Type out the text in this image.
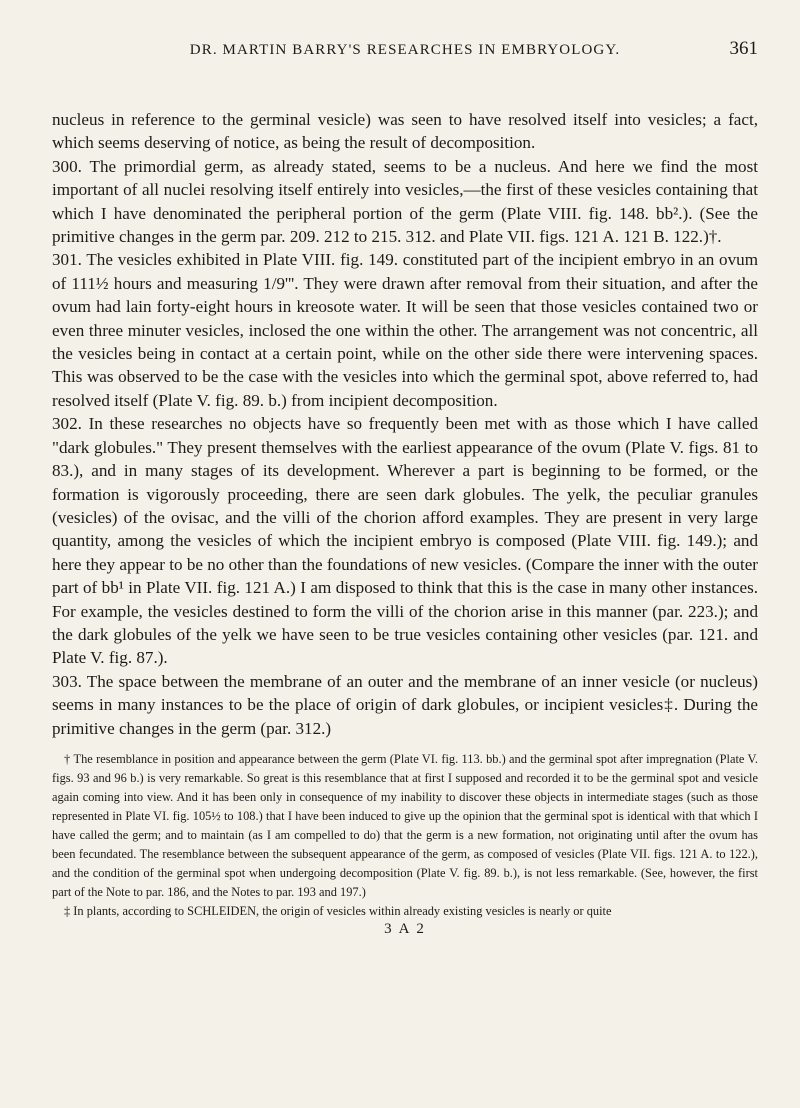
DR. MARTIN BARRY'S RESEARCHES IN EMBRYOLOGY.	361

nucleus in reference to the germinal vesicle) was seen to have resolved itself into vesicles; a fact, which seems deserving of notice, as being the result of decomposition.

300. The primordial germ, as already stated, seems to be a nucleus. And here we find the most important of all nuclei resolving itself entirely into vesicles,—the first of these vesicles containing that which I have denominated the peripheral portion of the germ (Plate VIII. fig. 148. bb².). (See the primitive changes in the germ par. 209. 212 to 215. 312. and Plate VII. figs. 121 A. 121 B. 122.)†.

301. The vesicles exhibited in Plate VIII. fig. 149. constituted part of the incipient embryo in an ovum of 111½ hours and measuring 1/9'''. They were drawn after removal from their situation, and after the ovum had lain forty-eight hours in kreosote water. It will be seen that those vesicles contained two or even three minuter vesicles, inclosed the one within the other. The arrangement was not concentric, all the vesicles being in contact at a certain point, while on the other side there were intervening spaces. This was observed to be the case with the vesicles into which the germinal spot, above referred to, had resolved itself (Plate V. fig. 89. b.) from incipient decomposition.

302. In these researches no objects have so frequently been met with as those which I have called "dark globules." They present themselves with the earliest appearance of the ovum (Plate V. figs. 81 to 83.), and in many stages of its development. Wherever a part is beginning to be formed, or the formation is vigorously proceeding, there are seen dark globules. The yelk, the peculiar granules (vesicles) of the ovisac, and the villi of the chorion afford examples. They are present in very large quantity, among the vesicles of which the incipient embryo is composed (Plate VIII. fig. 149.); and here they appear to be no other than the foundations of new vesicles. (Compare the inner with the outer part of bb¹ in Plate VII. fig. 121 A.) I am disposed to think that this is the case in many other instances. For example, the vesicles destined to form the villi of the chorion arise in this manner (par. 223.); and the dark globules of the yelk we have seen to be true vesicles containing other vesicles (par. 121. and Plate V. fig. 87.).

303. The space between the membrane of an outer and the membrane of an inner vesicle (or nucleus) seems in many instances to be the place of origin of dark globules, or incipient vesicles‡. During the primitive changes in the germ (par. 312.)

† The resemblance in position and appearance between the germ (Plate VI. fig. 113. bb.) and the germinal spot after impregnation (Plate V. figs. 93 and 96 b.) is very remarkable. So great is this resemblance that at first I supposed and recorded it to be the germinal spot and vesicle again coming into view. And it has been only in consequence of my inability to discover these objects in intermediate stages (such as those represented in Plate VI. fig. 105½ to 108.) that I have been induced to give up the opinion that the germinal spot is identical with that which I have called the germ; and to maintain (as I am compelled to do) that the germ is a new formation, not originating until after the ovum has been fecundated. The resemblance between the subsequent appearance of the germ, as composed of vesicles (Plate VII. figs. 121 A. to 122.), and the condition of the germinal spot when undergoing decomposition (Plate V. fig. 89. b.), is not less remarkable. (See, however, the first part of the Note to par. 186, and the Notes to par. 193 and 197.)

‡ In plants, according to SCHLEIDEN, the origin of vesicles within already existing vesicles is nearly or quite

3 A 2
